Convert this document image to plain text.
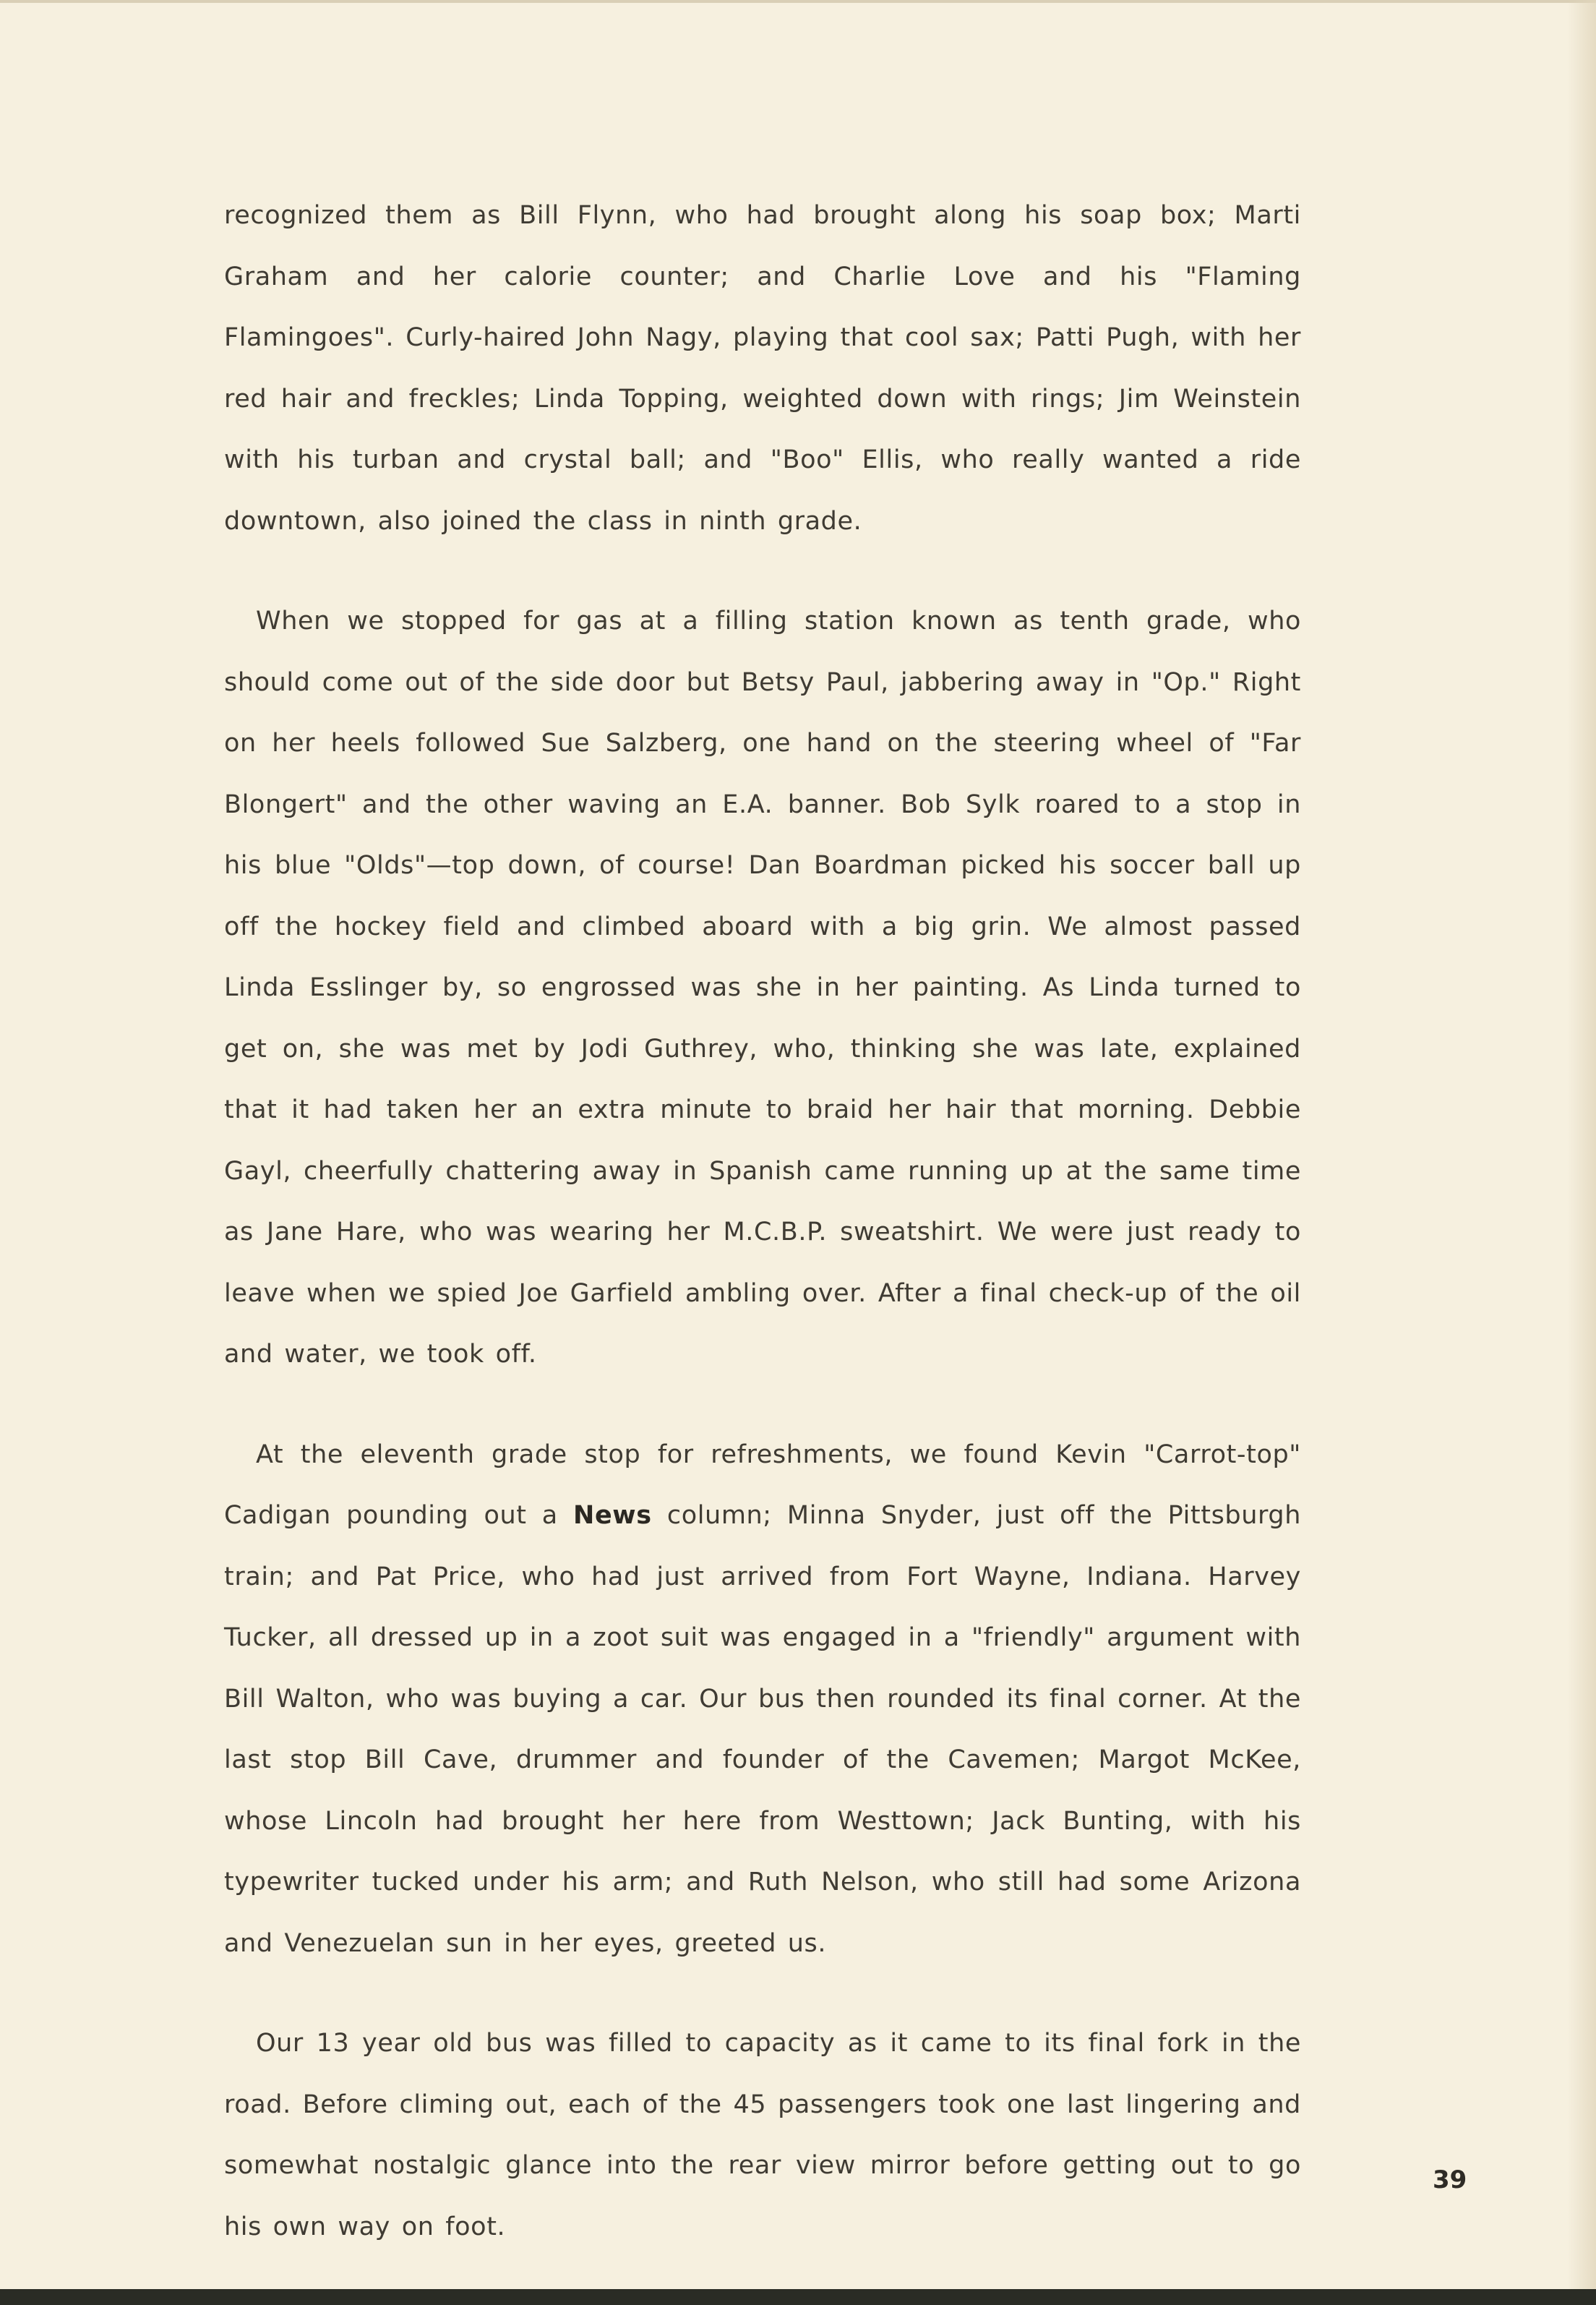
recognized them as Bill Flynn, who had brought along his soap box; Marti Graham and her calorie counter; and Charlie Love and his "Flaming Flamingoes". Curly-haired John Nagy, playing that cool sax; Patti Pugh, with her red hair and freckles; Linda Topping, weighted down with rings; Jim Weinstein with his turban and crystal ball; and "Boo" Ellis, who really wanted a ride downtown, also joined the class in ninth grade.

When we stopped for gas at a filling station known as tenth grade, who should come out of the side door but Betsy Paul, jabbering away in "Op." Right on her heels followed Sue Salzberg, one hand on the steering wheel of "Far Blongert" and the other waving an E.A. banner. Bob Sylk roared to a stop in his blue "Olds"—top down, of course! Dan Boardman picked his soccer ball up off the hockey field and climbed aboard with a big grin. We almost passed Linda Esslinger by, so engrossed was she in her painting. As Linda turned to get on, she was met by Jodi Guthrey, who, thinking she was late, explained that it had taken her an extra minute to braid her hair that morning. Debbie Gayl, cheerfully chattering away in Spanish came running up at the same time as Jane Hare, who was wearing her M.C.B.P. sweatshirt. We were just ready to leave when we spied Joe Garfield ambling over. After a final check-up of the oil and water, we took off.

At the eleventh grade stop for refreshments, we found Kevin "Carrot-top" Cadigan pounding out a News column; Minna Snyder, just off the Pittsburgh train; and Pat Price, who had just arrived from Fort Wayne, Indiana. Harvey Tucker, all dressed up in a zoot suit was engaged in a "friendly" argument with Bill Walton, who was buying a car. Our bus then rounded its final corner. At the last stop Bill Cave, drummer and founder of the Cavemen; Margot McKee, whose Lincoln had brought her here from Westtown; Jack Bunting, with his typewriter tucked under his arm; and Ruth Nelson, who still had some Arizona and Venezuelan sun in her eyes, greeted us.

Our 13 year old bus was filled to capacity as it came to its final fork in the road. Before climing out, each of the 45 passengers took one last lingering and somewhat nostalgic glance into the rear view mirror before getting out to go his own way on foot.

39
